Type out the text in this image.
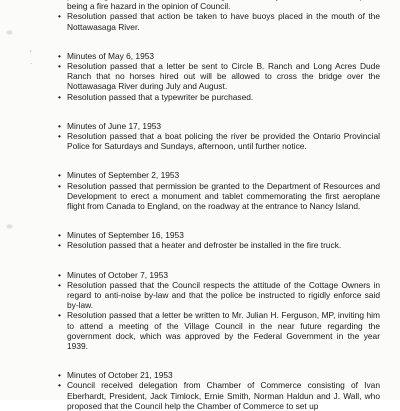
′
.
• being a fire hazard in the opinion of Council.
• Resolution passed that action be taken to have buoys placed in the mouth of the Nottawasaga River.
• Minutes of May 6, 1953
• Resolution passed that a letter be sent to Circle B. Ranch and Long Acres Dude Ranch that no horses hired out will be allowed to cross the bridge over the Nottawasaga River during July and August.
• Resolution passed that a typewriter be purchased.
• Minutes of June 17, 1953
• Resolution passed that a boat policing the river be provided the Ontario Provincial Police for Saturdays and Sundays, afternoon, until further notice.
• Minutes of September 2, 1953
• Resolution passed that permission be granted to the Department of Resources and Development to erect a monument and tablet commemorating the first aeroplane flight from Canada to England, on the roadway at the entrance to Nancy Island.
• Minutes of September 16, 1953
• Resolution passed that a heater and defroster be installed in the fire truck.
• Minutes of October 7, 1953
• Resolution passed that the Council respects the attitude of the Cottage Owners in regard to anti-noise by-law and that the police be instructed to rigidly enforce said by-law.
• Resolution passed that a letter be written to Mr. Julian H. Ferguson, MP, inviting him to attend a meeting of the Village Council in the near future regarding the government dock, which was approved by the Federal Government in the year 1939.
• Minutes of October 21, 1953
• Council received delegation from Chamber of Commerce consisting of Ivan Eberhardt, President, Jack Timlock, Ernie Smith, Norman Haldun and J. Wall, who proposed that the Council help the Chamber of Commerce to set up
